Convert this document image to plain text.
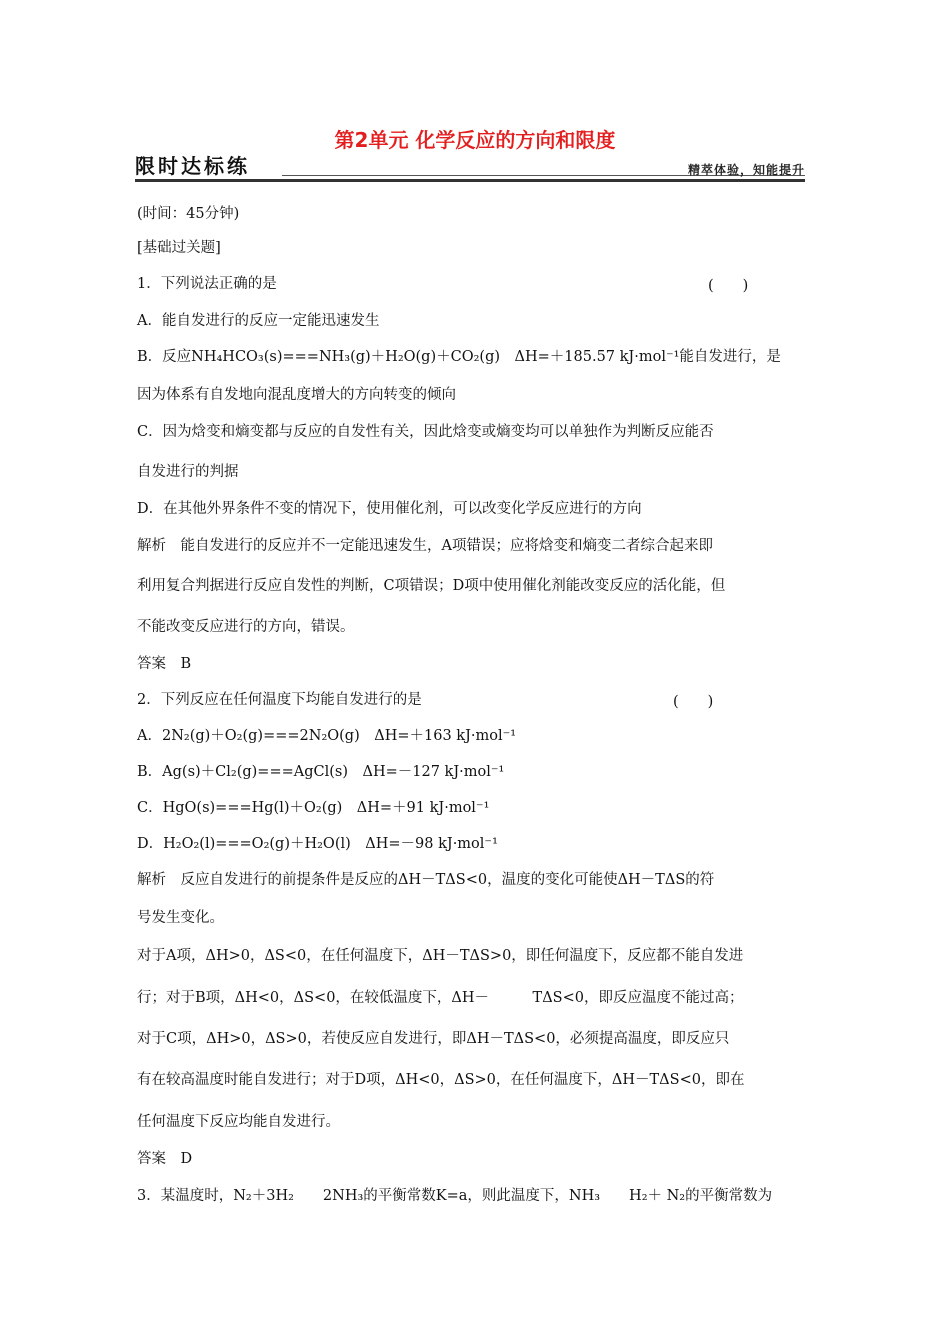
第2单元 化学反应的方向和限度
限时达标练	精萃体验，知能提升
(时间：45分钟)
[基础过关题]
1．下列说法正确的是	(　　)
A．能自发进行的反应一定能迅速发生
B．反应NH₄HCO₃(s)===NH₃(g)＋H₂O(g)＋CO₂(g)　ΔH=＋185.57 kJ·mol⁻¹能自发进行，是
因为体系有自发地向混乱度增大的方向转变的倾向
C．因为焓变和熵变都与反应的自发性有关，因此焓变或熵变均可以单独作为判断反应能否
自发进行的判据
D．在其他外界条件不变的情况下，使用催化剂，可以改变化学反应进行的方向
解析　能自发进行的反应并不一定能迅速发生，A项错误；应将焓变和熵变二者综合起来即
利用复合判据进行反应自发性的判断，C项错误；D项中使用催化剂能改变反应的活化能，但
不能改变反应进行的方向，错误。
答案　B
2．下列反应在任何温度下均能自发进行的是	(　　)
A．2N₂(g)＋O₂(g)===2N₂O(g)　ΔH=＋163 kJ·mol⁻¹
B．Ag(s)＋Cl₂(g)===AgCl(s)　ΔH=－127 kJ·mol⁻¹
C．HgO(s)===Hg(l)＋O₂(g)　ΔH=＋91 kJ·mol⁻¹
D．H₂O₂(l)===O₂(g)＋H₂O(l)　ΔH=－98 kJ·mol⁻¹
解析　反应自发进行的前提条件是反应的ΔH－TΔS<0，温度的变化可能使ΔH－TΔS的符
号发生变化。
对于A项，ΔH>0，ΔS<0，在任何温度下，ΔH－TΔS>0，即任何温度下，反应都不能自发进
行；对于B项，ΔH<0，ΔS<0，在较低温度下，ΔH－　　　TΔS<0，即反应温度不能过高；
对于C项，ΔH>0，ΔS>0，若使反应自发进行，即ΔH－TΔS<0，必须提高温度，即反应只
有在较高温度时能自发进行；对于D项，ΔH<0，ΔS>0，在任何温度下，ΔH－TΔS<0，即在
任何温度下反应均能自发进行。
答案　D
3．某温度时，N₂＋3H₂　　2NH₃的平衡常数K=a，则此温度下，NH₃　　H₂＋ N₂的平衡常数为
